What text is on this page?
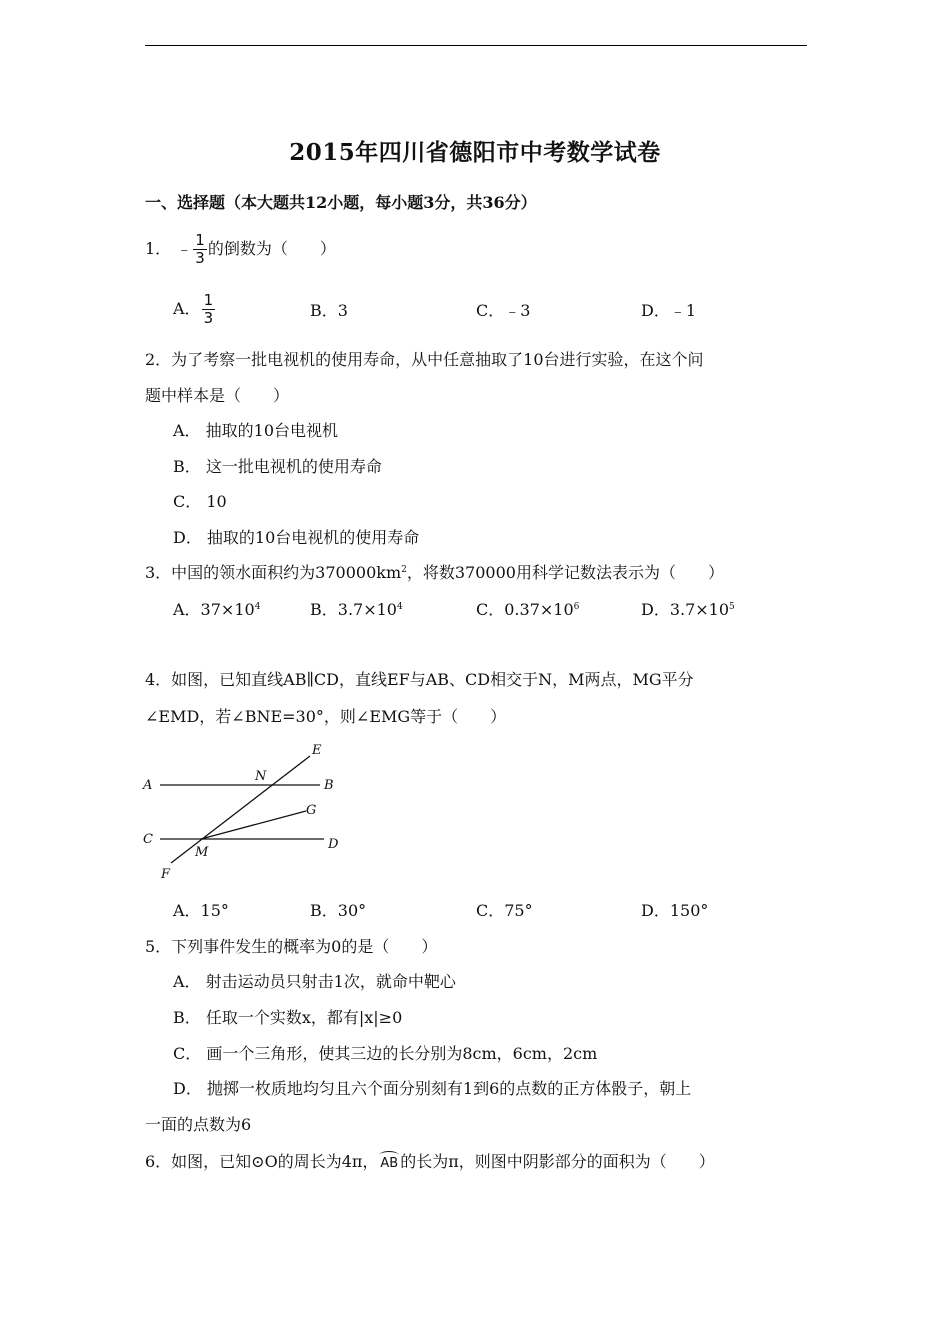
2015年四川省德阳市中考数学试卷
一、选择题（本大题共12小题，每小题3分，共36分）
1． ﹣ $\frac{1}{3}$ 的倒数为（　　）
A． $\frac{1}{3}$	B．3	C．﹣3	D．﹣1
2．为了考察一批电视机的使用寿命，从中任意抽取了10台进行实验，在这个问
题中样本是（　　）
A． 抽取的10台电视机
B． 这一批电视机的使用寿命
C． 10
D． 抽取的10台电视机的使用寿命
3．中国的领水面积约为$370000km^2$，将数370000用科学记数法表示为（　　）
A．$37\times 10^4$	B．$3.7\times 10^4$	C．$0.37\times 10^6$	D．$3.7\times 10^5$
4．如图，已知直线AB∥CD，直线EF与AB、CD相交于N，M两点，MG平分
∠EMD，若∠BNE=30°，则∠EMG等于（　　）
A	B
C	D
E
F
G
N
M
A．15°	B．30°	C．75°	D．150°
5．下列事件发生的概率为0的是（　　）
A． 射击运动员只射击1次，就命中靶心
B． 任取一个实数x，都有|x|≥0
C． 画一个三角形，使其三边的长分别为8cm，6cm，2cm
D． 抛掷一枚质地均匀且六个面分别刻有1到6的点数的正方体骰子，朝上
一面的点数为6
6．如图，已知⊙O的周长为4π， AB 的长为π，则图中阴影部分的面积为（　　）
